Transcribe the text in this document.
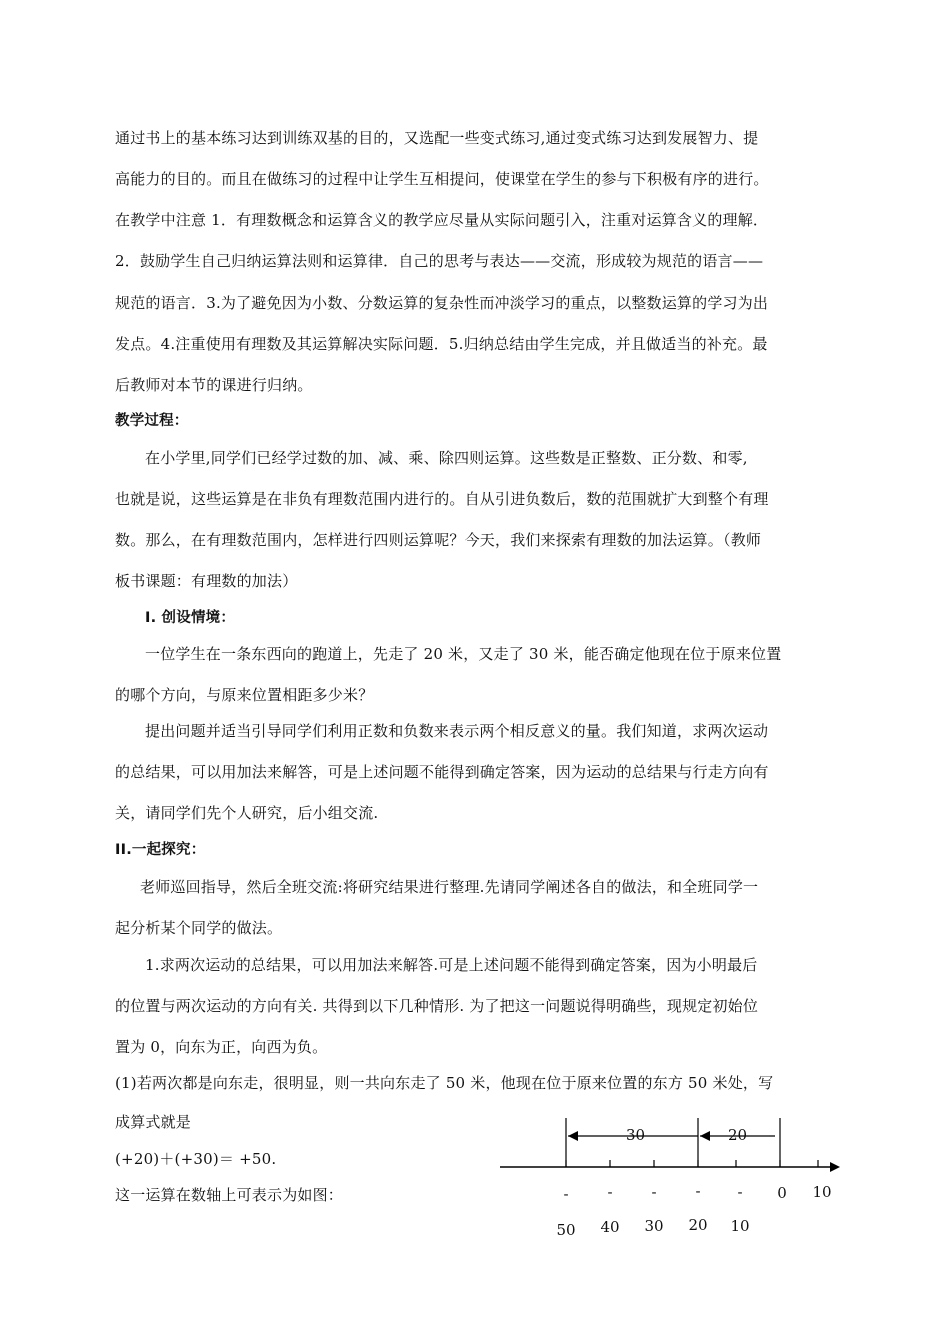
通过书上的基本练习达到训练双基的目的，又选配一些变式练习,通过变式练习达到发展智力、提
高能力的目的。而且在做练习的过程中让学生互相提问，使课堂在学生的参与下积极有序的进行。
在教学中注意 1．有理数概念和运算含义的教学应尽量从实际问题引入，注重对运算含义的理解．
2．鼓励学生自己归纳运算法则和运算律．自己的思考与表达——交流，形成较为规范的语言——
规范的语言．3.为了避免因为小数、分数运算的复杂性而冲淡学习的重点，以整数运算的学习为出
发点。4.注重使用有理数及其运算解决实际问题．5.归纳总结由学生完成，并且做适当的补充。最
后教师对本节的课进行归纳。
教学过程：
在小学里,同学们已经学过数的加、减、乘、除四则运算。这些数是正整数、正分数、和零,
也就是说，这些运算是在非负有理数范围内进行的。自从引进负数后，数的范围就扩大到整个有理
数。那么，在有理数范围内，怎样进行四则运算呢？今天，我们来探索有理数的加法运算。（教师
板书课题：有理数的加法）
I. 创设情境：
一位学生在一条东西向的跑道上，先走了 20 米，又走了 30 米，能否确定他现在位于原来位置
的哪个方向，与原来位置相距多少米？
提出问题并适当引导同学们利用正数和负数来表示两个相反意义的量。我们知道，求两次运动
的总结果，可以用加法来解答，可是上述问题不能得到确定答案，因为运动的总结果与行走方向有
关，请同学们先个人研究，后小组交流.
II.一起探究：
老师巡回指导，然后全班交流:将研究结果进行整理.先请同学阐述各自的做法，和全班同学一
起分析某个同学的做法。
1.求两次运动的总结果，可以用加法来解答.可是上述问题不能得到确定答案，因为小明最后
的位置与两次运动的方向有关. 共得到以下几种情形. 为了把这一问题说得明确些，现规定初始位
置为 0，向东为正，向西为负。
(1)若两次都是向东走，很明显，则一共向东走了 50 米，他现在位于原来位置的东方 50 米处，写
成算式就是
(+20)＋(+30)＝ +50.
这一运算在数轴上可表示为如图：
30	20
-
50
-
40
-
30
-
20
-
10
0	10
